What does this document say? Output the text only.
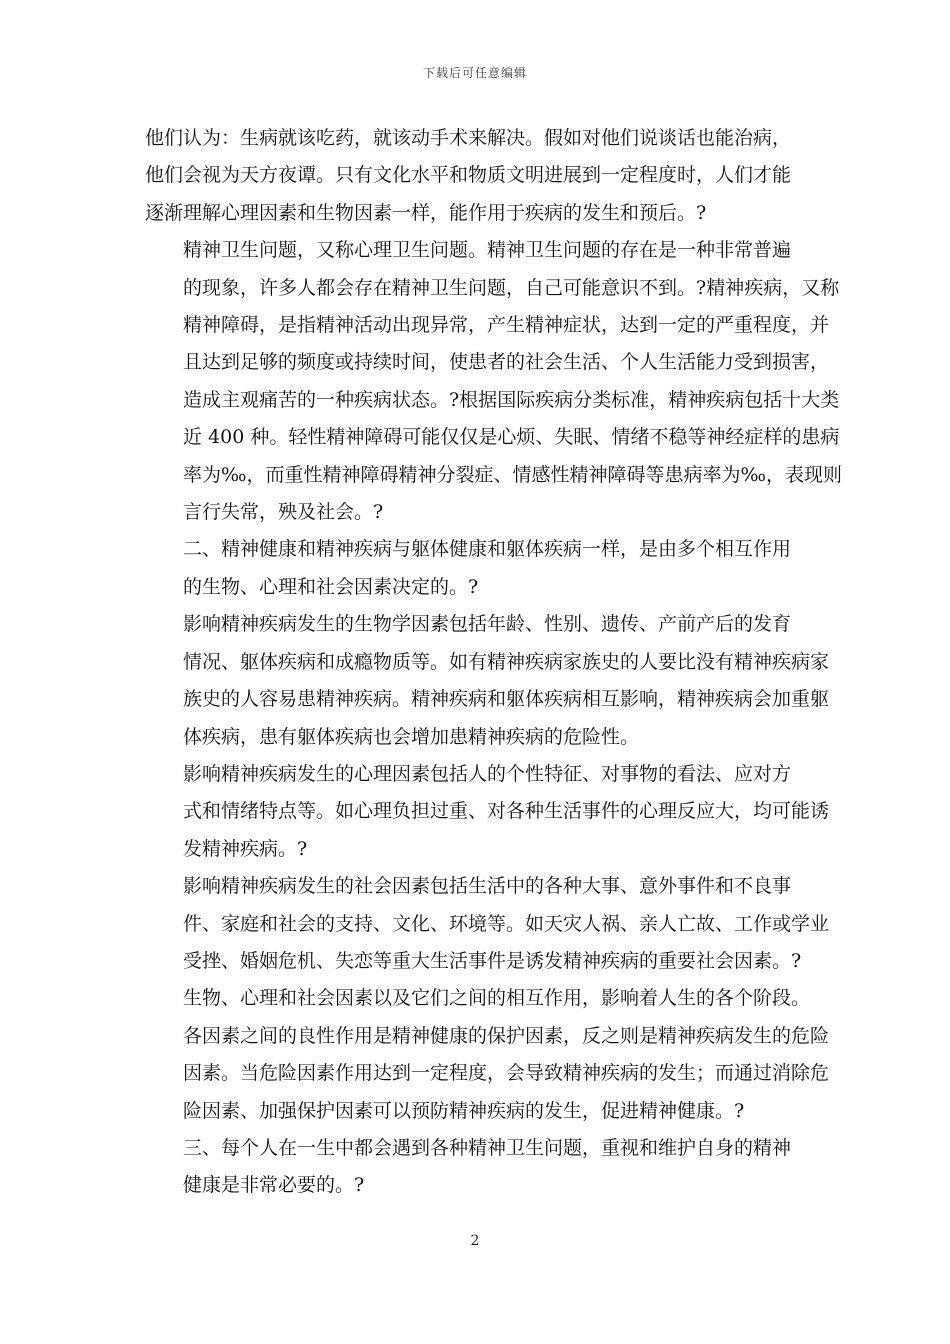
下载后可任意编辑

他们认为：生病就该吃药，就该动手术来解决。假如对他们说谈话也能治病，
他们会视为天方夜谭。只有文化水平和物质文明进展到一定程度时，人们才能
逐渐理解心理因素和生物因素一样，能作用于疾病的发生和预后。?

精神卫生问题，又称心理卫生问题。精神卫生问题的存在是一种非常普遍
的现象，许多人都会存在精神卫生问题，自己可能意识不到。?精神疾病，又称
精神障碍，是指精神活动出现异常，产生精神症状，达到一定的严重程度，并
且达到足够的频度或持续时间，使患者的社会生活、个人生活能力受到损害，
造成主观痛苦的一种疾病状态。?根据国际疾病分类标准，精神疾病包括十大类
近 400 种。轻性精神障碍可能仅仅是心烦、失眠、情绪不稳等神经症样的患病
率为‰，而重性精神障碍精神分裂症、情感性精神障碍等患病率为‰，表现则
言行失常，殃及社会。?

二、精神健康和精神疾病与躯体健康和躯体疾病一样，是由多个相互作用
的生物、心理和社会因素决定的。?

影响精神疾病发生的生物学因素包括年龄、性别、遗传、产前产后的发育
情况、躯体疾病和成瘾物质等。如有精神疾病家族史的人要比没有精神疾病家
族史的人容易患精神疾病。精神疾病和躯体疾病相互影响，精神疾病会加重躯
体疾病，患有躯体疾病也会增加患精神疾病的危险性。

影响精神疾病发生的心理因素包括人的个性特征、对事物的看法、应对方
式和情绪特点等。如心理负担过重、对各种生活事件的心理反应大，均可能诱
发精神疾病。?

影响精神疾病发生的社会因素包括生活中的各种大事、意外事件和不良事
件、家庭和社会的支持、文化、环境等。如天灾人祸、亲人亡故、工作或学业
受挫、婚姻危机、失恋等重大生活事件是诱发精神疾病的重要社会因素。?

生物、心理和社会因素以及它们之间的相互作用，影响着人生的各个阶段。
各因素之间的良性作用是精神健康的保护因素，反之则是精神疾病发生的危险
因素。当危险因素作用达到一定程度，会导致精神疾病的发生；而通过消除危
险因素、加强保护因素可以预防精神疾病的发生，促进精神健康。?

三、每个人在一生中都会遇到各种精神卫生问题，重视和维护自身的精神
健康是非常必要的。?

2
